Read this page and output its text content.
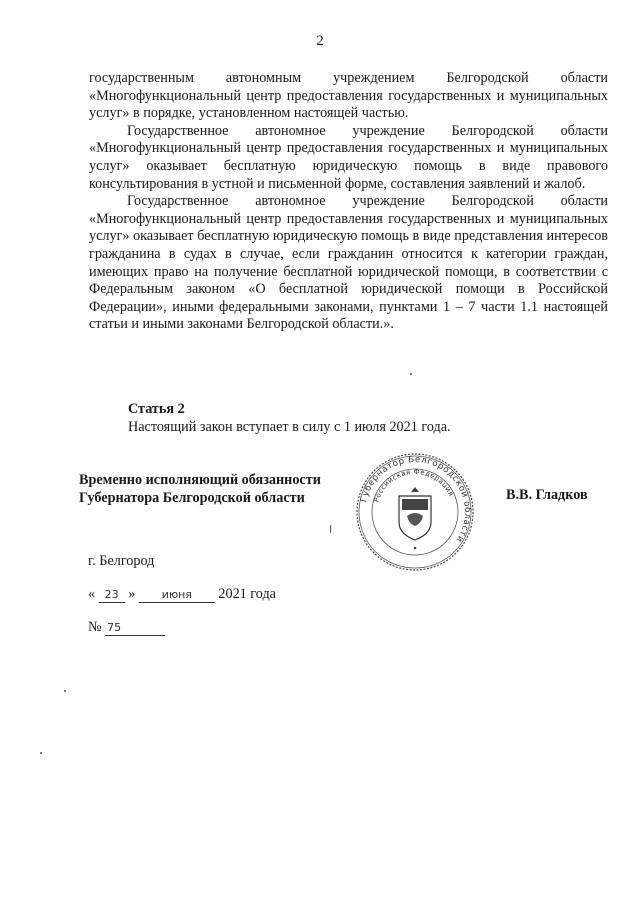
2

государственным автономным учреждением Белгородской области «Многофункциональный центр предоставления государственных и муниципальных услуг» в порядке, установленном настоящей частью.

Государственное автономное учреждение Белгородской области «Многофункциональный центр предоставления государственных и муниципальных услуг» оказывает бесплатную юридическую помощь в виде правового консультирования в устной и письменной форме, составления заявлений и жалоб.

Государственное автономное учреждение Белгородской области «Многофункциональный центр предоставления государственных и муниципальных услуг» оказывает бесплатную юридическую помощь в виде представления интересов гражданина в судах в случае, если гражданин относится к категории граждан, имеющих право на получение бесплатной юридической помощи, в соответствии с Федеральным законом «О бесплатной юридической помощи в Российской Федерации», иными федеральными законами, пунктами 1 – 7 части 1.1 настоящей статьи и иными законами Белгородской области.».

Статья 2
Настоящий закон вступает в силу с 1 июля 2021 года.
Временно исполняющий обязанности
Губернатора Белгородской области	Губернатор Белгородской области
Российская Федерация	В.В. Гладков
г. Белгород
« 23 » июня 2021 года
№ 75
